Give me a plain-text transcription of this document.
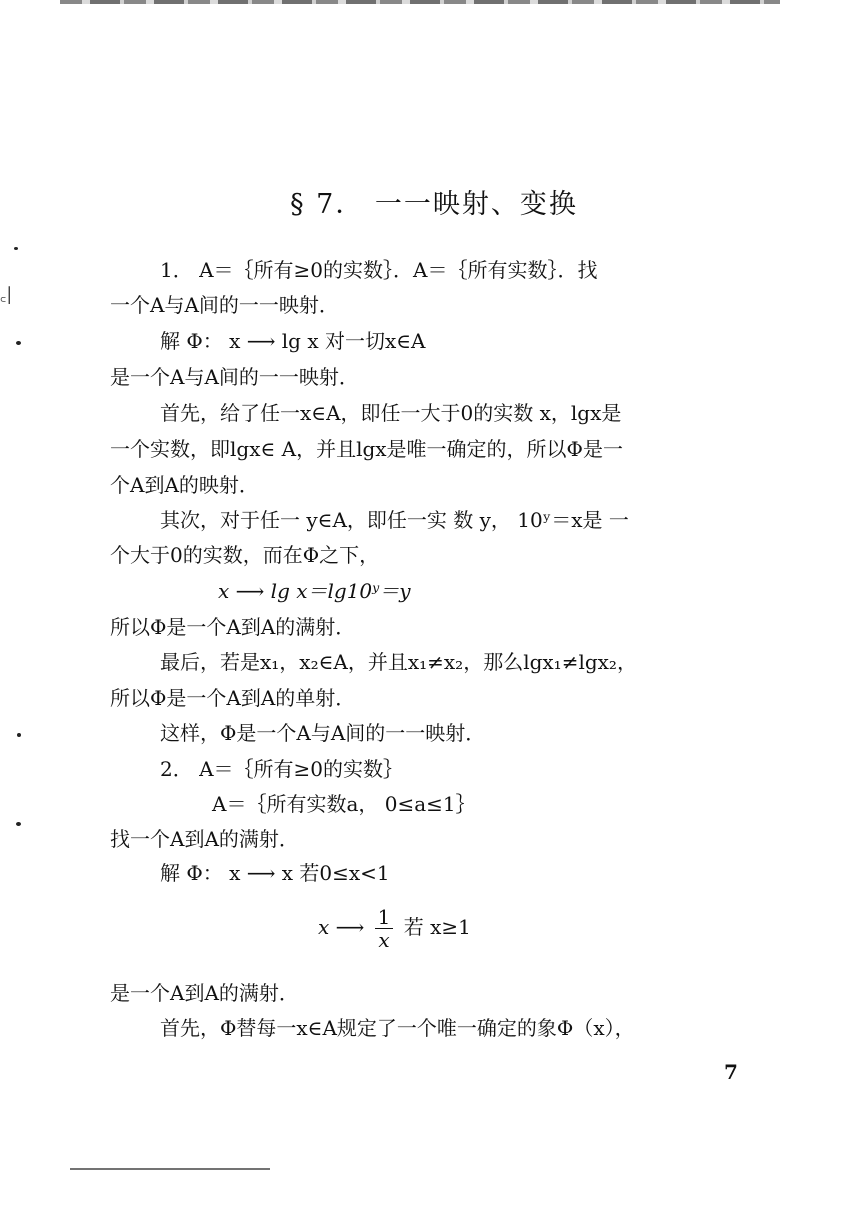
꜀|
§ 7． 一一映射、变换
1． A＝｛所有≥0的实数｝．A＝｛所有实数｝．找
一个A与A间的一一映射．
解 Φ： x ⟶ lg x 对一切x∈A
是一个A与A间的一一映射．
首先，给了任一x∈A，即任一大于0的实数 x，lgx是
一个实数，即lgx∈ A，并且lgx是唯一确定的，所以Φ是一
个A到A的映射．
其次，对于任一 y∈A，即任一实 数 y， 10ʸ＝x是 一
个大于0的实数，而在Φ之下，
x ⟶ lg x＝lg10ʸ＝y
所以Φ是一个A到A的满射．
最后，若是x₁，x₂∈A，并且x₁≠x₂，那么lgx₁≠lgx₂，
所以Φ是一个A到A的单射．
这样，Φ是一个A与A间的一一映射．
2． A＝｛所有≥0的实数｝
A＝｛所有实数a， 0≤a≤1｝
找一个A到A的满射．
解 Φ： x ⟶ x 若0≤x<1
x ⟶ $\frac{1}{x}$ 若 x≥1
是一个A到A的满射．
首先，Φ替每一x∈A规定了一个唯一确定的象Φ（x），
7
